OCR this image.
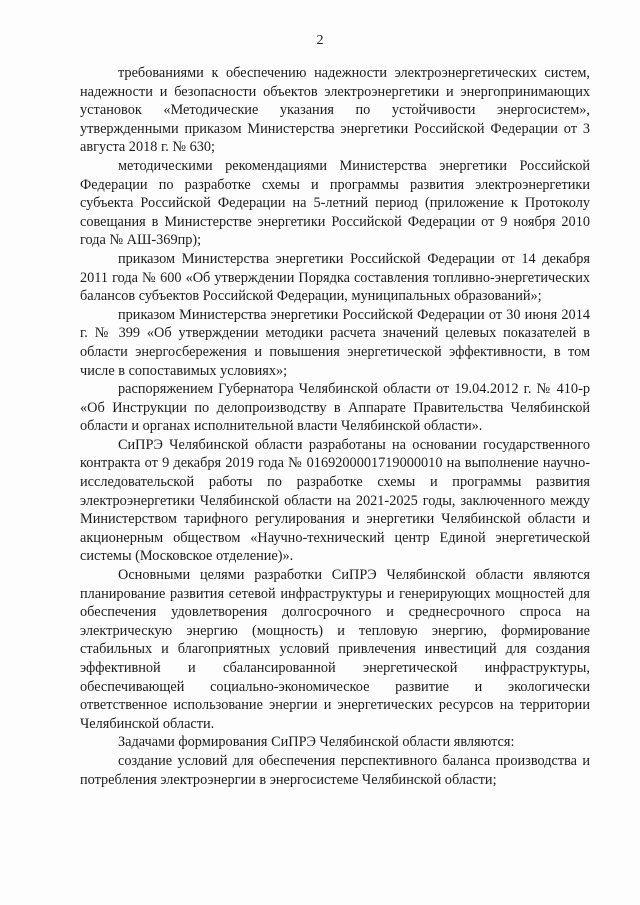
2

требованиями к обеспечению надежности электроэнергетических систем, надежности и безопасности объектов электроэнергетики и энергопринимающих установок «Методические указания по устойчивости энергосистем», утвержденными приказом Министерства энергетики Российской Федерации от 3 августа 2018 г. № 630;

методическими рекомендациями Министерства энергетики Российской Федерации по разработке схемы и программы развития электроэнергетики субъекта Российской Федерации на 5-летний период (приложение к Протоколу совещания в Министерстве энергетики Российской Федерации от 9 ноября 2010 года № АШ-369пр);

приказом Министерства энергетики Российской Федерации от 14 декабря 2011 года № 600 «Об утверждении Порядка составления топливно-энергетических балансов субъектов Российской Федерации, муниципальных образований»;

приказом Министерства энергетики Российской Федерации от 30 июня 2014 г. № 399 «Об утверждении методики расчета значений целевых показателей в области энергосбережения и повышения энергетической эффективности, в том числе в сопоставимых условиях»;

распоряжением Губернатора Челябинской области от 19.04.2012 г. № 410-р «Об Инструкции по делопроизводству в Аппарате Правительства Челябинской области и органах исполнительной власти Челябинской области».

СиПРЭ Челябинской области разработаны на основании государственного контракта от 9 декабря 2019 года № 0169200001719000010 на выполнение научно-исследовательской работы по разработке схемы и программы развития электроэнергетики Челябинской области на 2021-2025 годы, заключенного между Министерством тарифного регулирования и энергетики Челябинской области и акционерным обществом «Научно-технический центр Единой энергетической системы (Московское отделение)».

Основными целями разработки СиПРЭ Челябинской области являются планирование развития сетевой инфраструктуры и генерирующих мощностей для обеспечения удовлетворения долгосрочного и среднесрочного спроса на электрическую энергию (мощность) и тепловую энергию, формирование стабильных и благоприятных условий привлечения инвестиций для создания эффективной и сбалансированной энергетической инфраструктуры, обеспечивающей социально-экономическое развитие и экологически ответственное использование энергии и энергетических ресурсов на территории Челябинской области.

Задачами формирования СиПРЭ Челябинской области являются:

создание условий для обеспечения перспективного баланса производства и потребления электроэнергии в энергосистеме Челябинской области;
